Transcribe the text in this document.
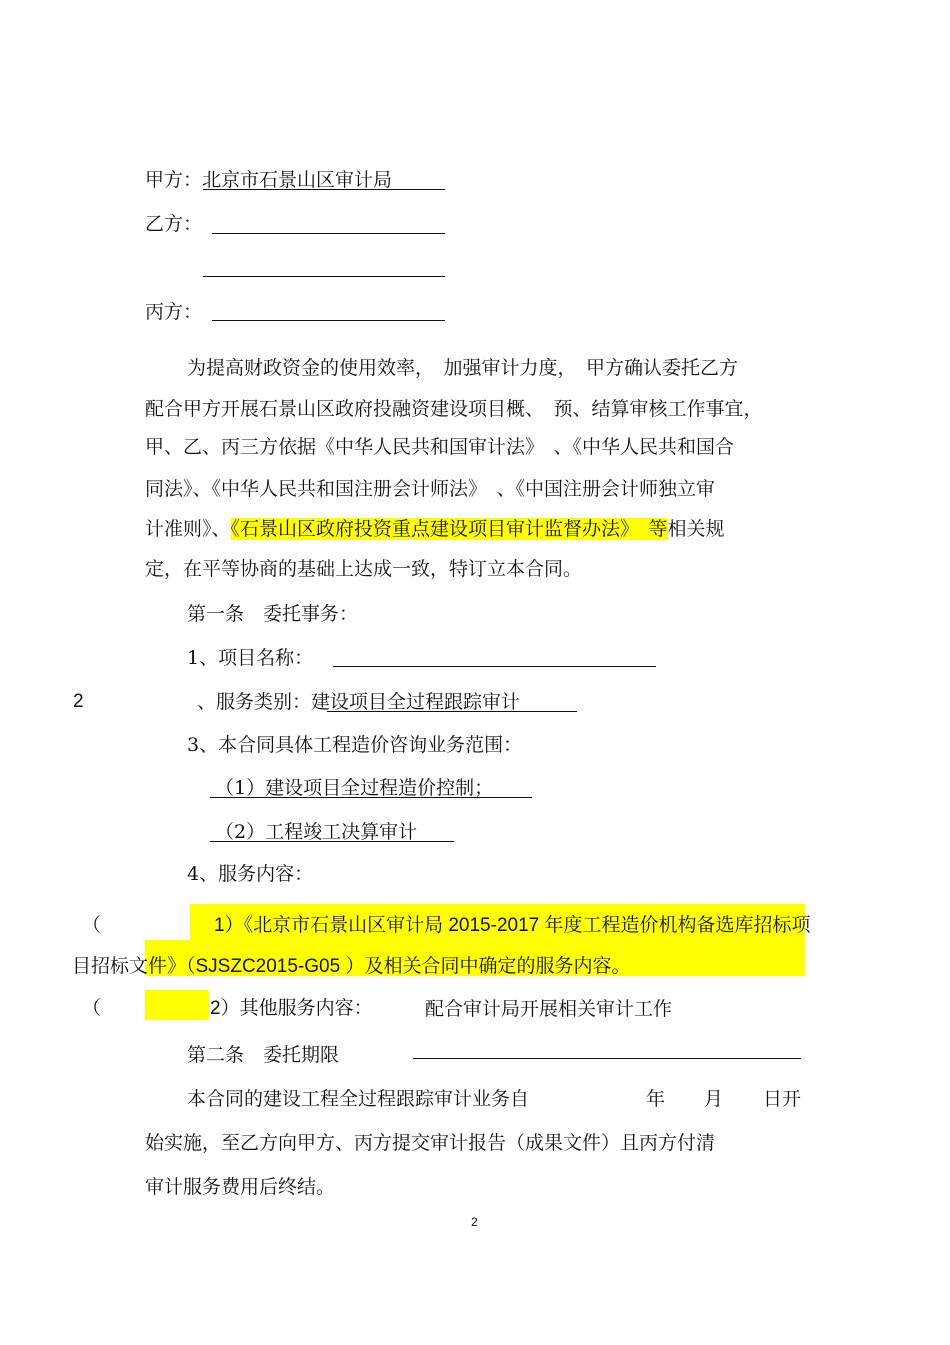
甲方：北京市石景山区审计局
乙方：
丙方：
为提高财政资金的使用效率，　加强审计力度，　甲方确认委托乙方
配合甲方开展石景山区政府投融资建设项目概、　预、结算审核工作事宜，
甲、乙、丙三方依据《中华人民共和国审计法》　、《中华人民共和国合
同法》、《中华人民共和国注册会计师法》　、《中国注册会计师独立审
计准则》、《石景山区政府投资重点建设项目审计监督办法》　等相关规
定，在平等协商的基础上达成一致，特订立本合同。
第一条　委托事务：
1、项目名称：
2	、服务类别：建设项目全过程跟踪审计
3、本合同具体工程造价咨询业务范围：
（1）建设项目全过程造价控制；
（2）工程竣工决算审计
4、服务内容：
（	1）《北京市石景山区审计局 2015-2017 年度工程造价机构备选库招标项
目招标文件》（SJSZC2015-G05 ）及相关合同中确定的服务内容。
（	2）其他服务内容：	配合审计局开展相关审计工作
第二条　委托期限
本合同的建设工程全过程跟踪审计业务自	年 月 日开
始实施，至乙方向甲方、丙方提交审计报告（成果文件）且丙方付清
审计服务费用后终结。
2
